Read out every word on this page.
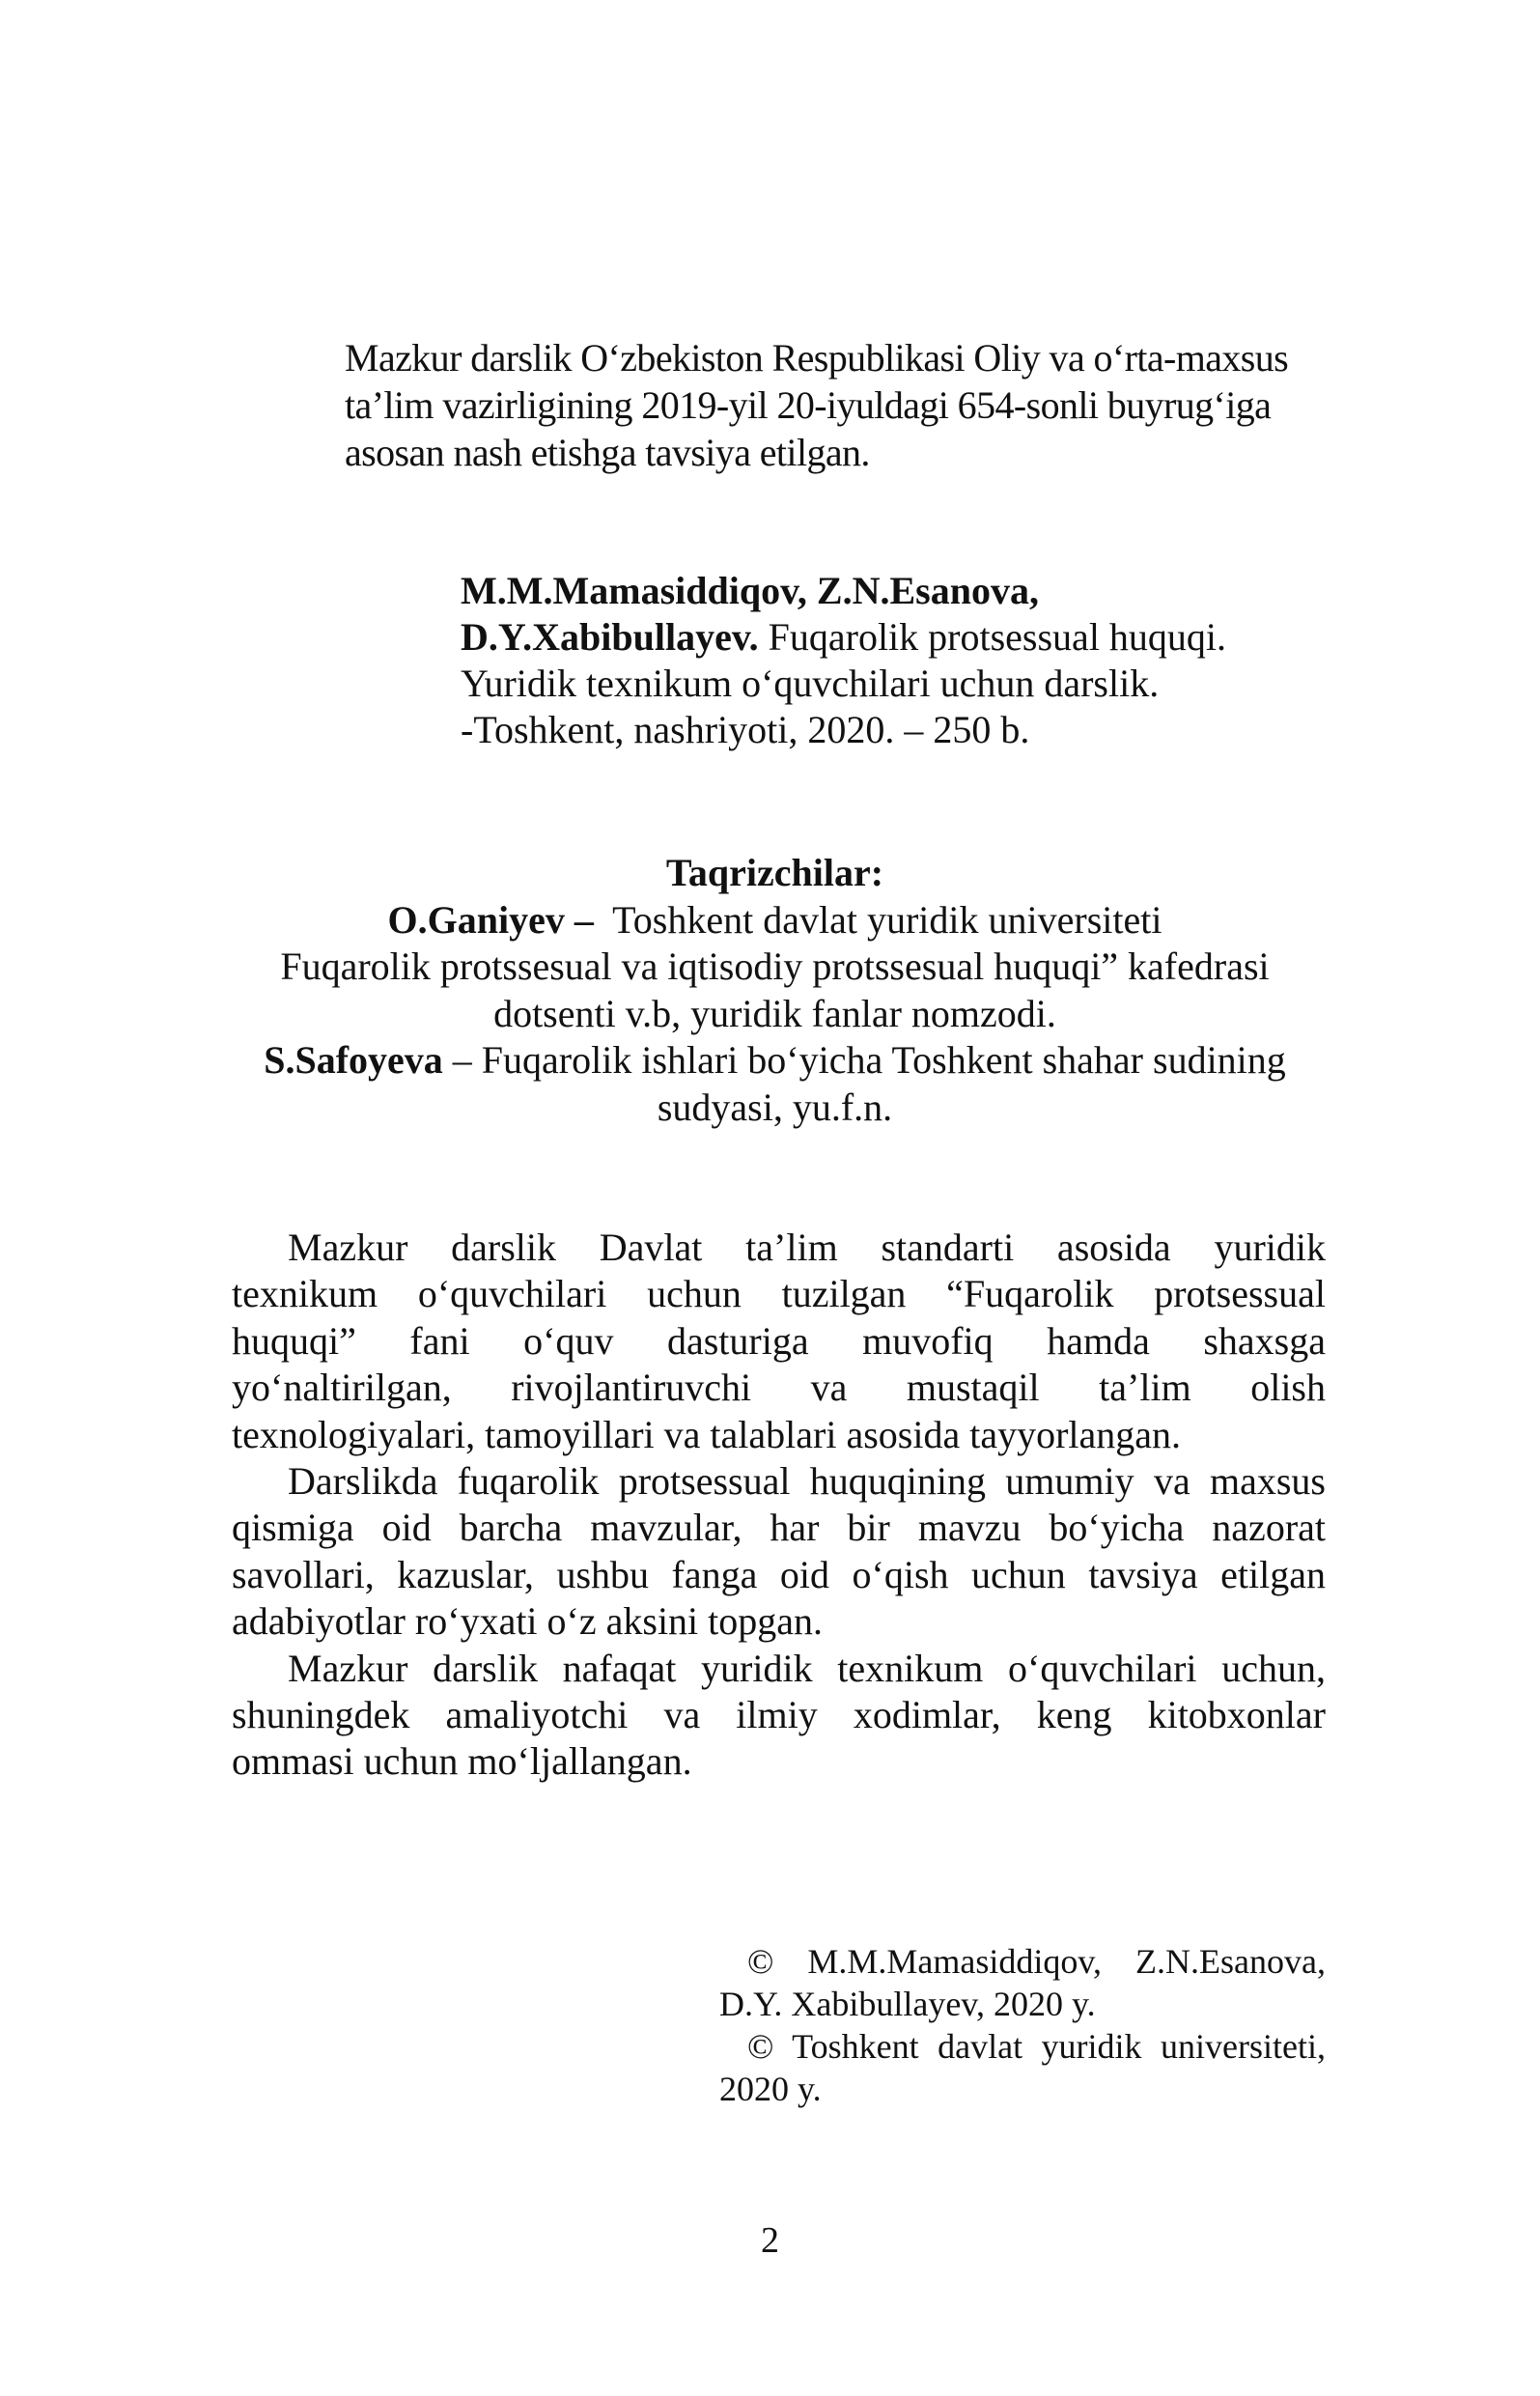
Mazkur darslik O‘zbekiston Respublikasi Oliy va o‘rta-maxsus
ta’lim vazirligining 2019-yil 20-iyuldagi 654-sonli buyrug‘iga
asosan nash etishga tavsiya etilgan.
M.M.Mamasiddiqov, Z.N.Esanova,
D.Y.Xabibullayev. Fuqarolik protsessual huquqi.
Yuridik texnikum o‘quvchilari uchun darslik.
-Toshkent, nashriyoti, 2020. – 250 b.
Taqrizchilar:
O.Ganiyev –  Toshkent davlat yuridik universiteti
Fuqarolik protssesual va iqtisodiy protssesual huquqi” kafedrasi
dotsenti v.b, yuridik fanlar nomzodi.
S.Safoyeva – Fuqarolik ishlari bo‘yicha Toshkent shahar sudining
sudyasi, yu.f.n.

Mazkur darslik Davlat ta’lim standarti asosida yuridik

texnikum o‘quvchilari uchun tuzilgan “Fuqarolik protsessual
huquqi” fani o‘quv dasturiga muvofiq hamda shaxsga
yo‘naltirilgan, rivojlantiruvchi va mustaqil ta’lim olish
texnologiyalari, tamoyillari va talablari asosida tayyorlangan.

Darslikda fuqarolik protsessual huquqining umumiy va maxsus

qismiga oid barcha mavzular, har bir mavzu bo‘yicha nazorat
savollari, kazuslar, ushbu fanga oid o‘qish uchun tavsiya etilgan
adabiyotlar ro‘yxati o‘z aksini topgan.

Mazkur darslik nafaqat yuridik texnikum o‘quvchilari uchun,

shuningdek amaliyotchi va ilmiy xodimlar, keng kitobxonlar
ommasi uchun mo‘ljallangan.
©  M.M.Mamasiddiqov,  Z.N.Esanova,
D.Y. Xabibullayev, 2020 y.
© Toshkent davlat yuridik universiteti,
2020 y.
2
